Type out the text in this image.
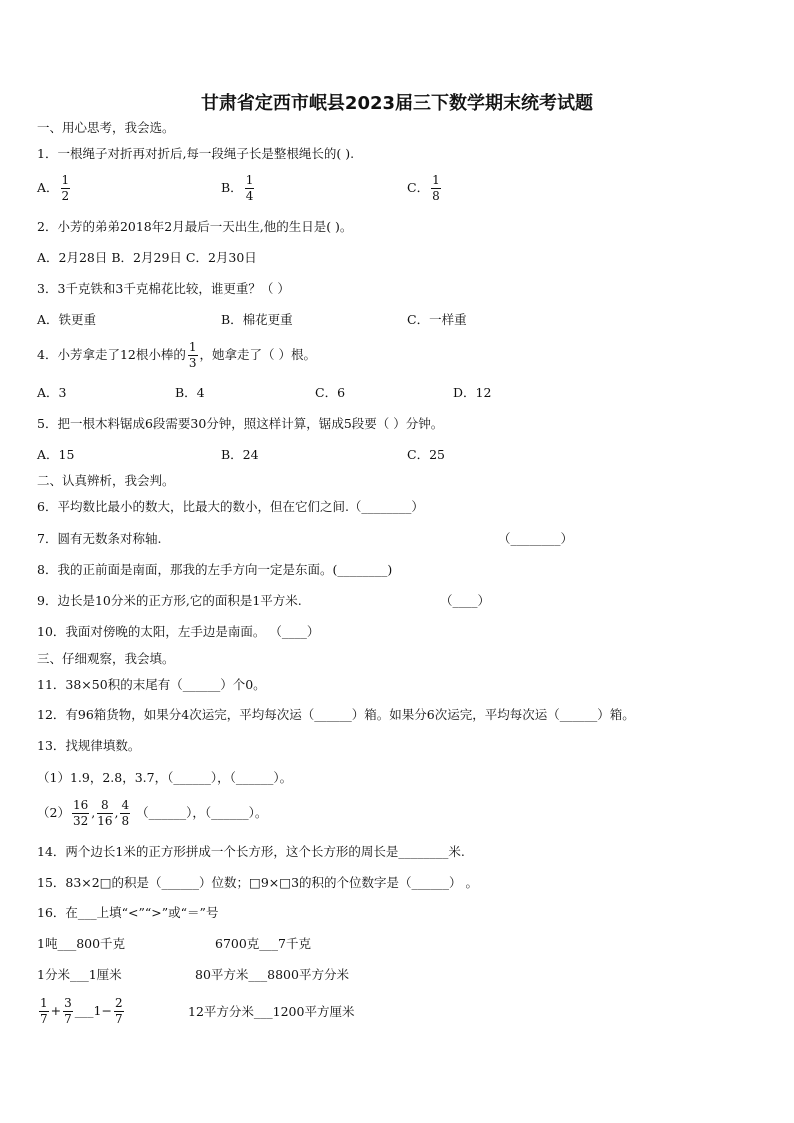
甘肃省定西市岷县2023届三下数学期末统考试题
一、用心思考，我会选。
1．一根绳子对折再对折后,每一段绳子长是整根绳长的( ).
A． $\frac{1}{2}$	B． $\frac{1}{4}$	C． $\frac{1}{8}$
2．小芳的弟弟2018年2月最后一天出生,他的生日是( )。
A．2月28日 B．2月29日 C．2月30日
3．3千克铁和3千克棉花比较，谁更重？（ ）
A．铁更重	B．棉花更重	C．一样重
4．小芳拿走了12根小棒的 $\frac{1}{3}$ ，她拿走了（ ）根。
A．3	B．4	C．6	D．12
5．把一根木料锯成6段需要30分钟，照这样计算，锯成5段要（ ）分钟。
A．15	B．24	C．25
二、认真辨析，我会判。
6．平均数比最小的数大，比最大的数小，但在它们之间.（________）
7．圆有无数条对称轴.	（________）
8．我的正前面是南面，那我的左手方向一定是东面。(________)
9．边长是10分米的正方形,它的面积是1平方米.	（____）
10．我面对傍晚的太阳，左手边是南面。 （____）
三、仔细观察，我会填。
11．38×50积的末尾有（______）个0。
12．有96箱货物，如果分4次运完，平均每次运（______）箱。如果分6次运完，平均每次运（______）箱。
13．找规律填数。
（1）1.9，2.8，3.7，（______），（______）。
$(2) \frac{16}{32}$ , $\frac{8}{16}$ , $\frac{4}{8}$ （______），（______）。
14．两个边长1米的正方形拼成一个长方形，这个长方形的周长是________米.
15．83×2□的积是（______）位数；□9×□3的积的个位数字是（______） 。
16．在___上填“<”“>”或“＝”号
1吨___800千克	6700克___7千克
1分米___1厘米	80平方米___8800平方分米
$\frac{1}{7} + \frac{3}{7}$ ___1− $\frac{2}{7}$	12平方分米___1200平方厘米
